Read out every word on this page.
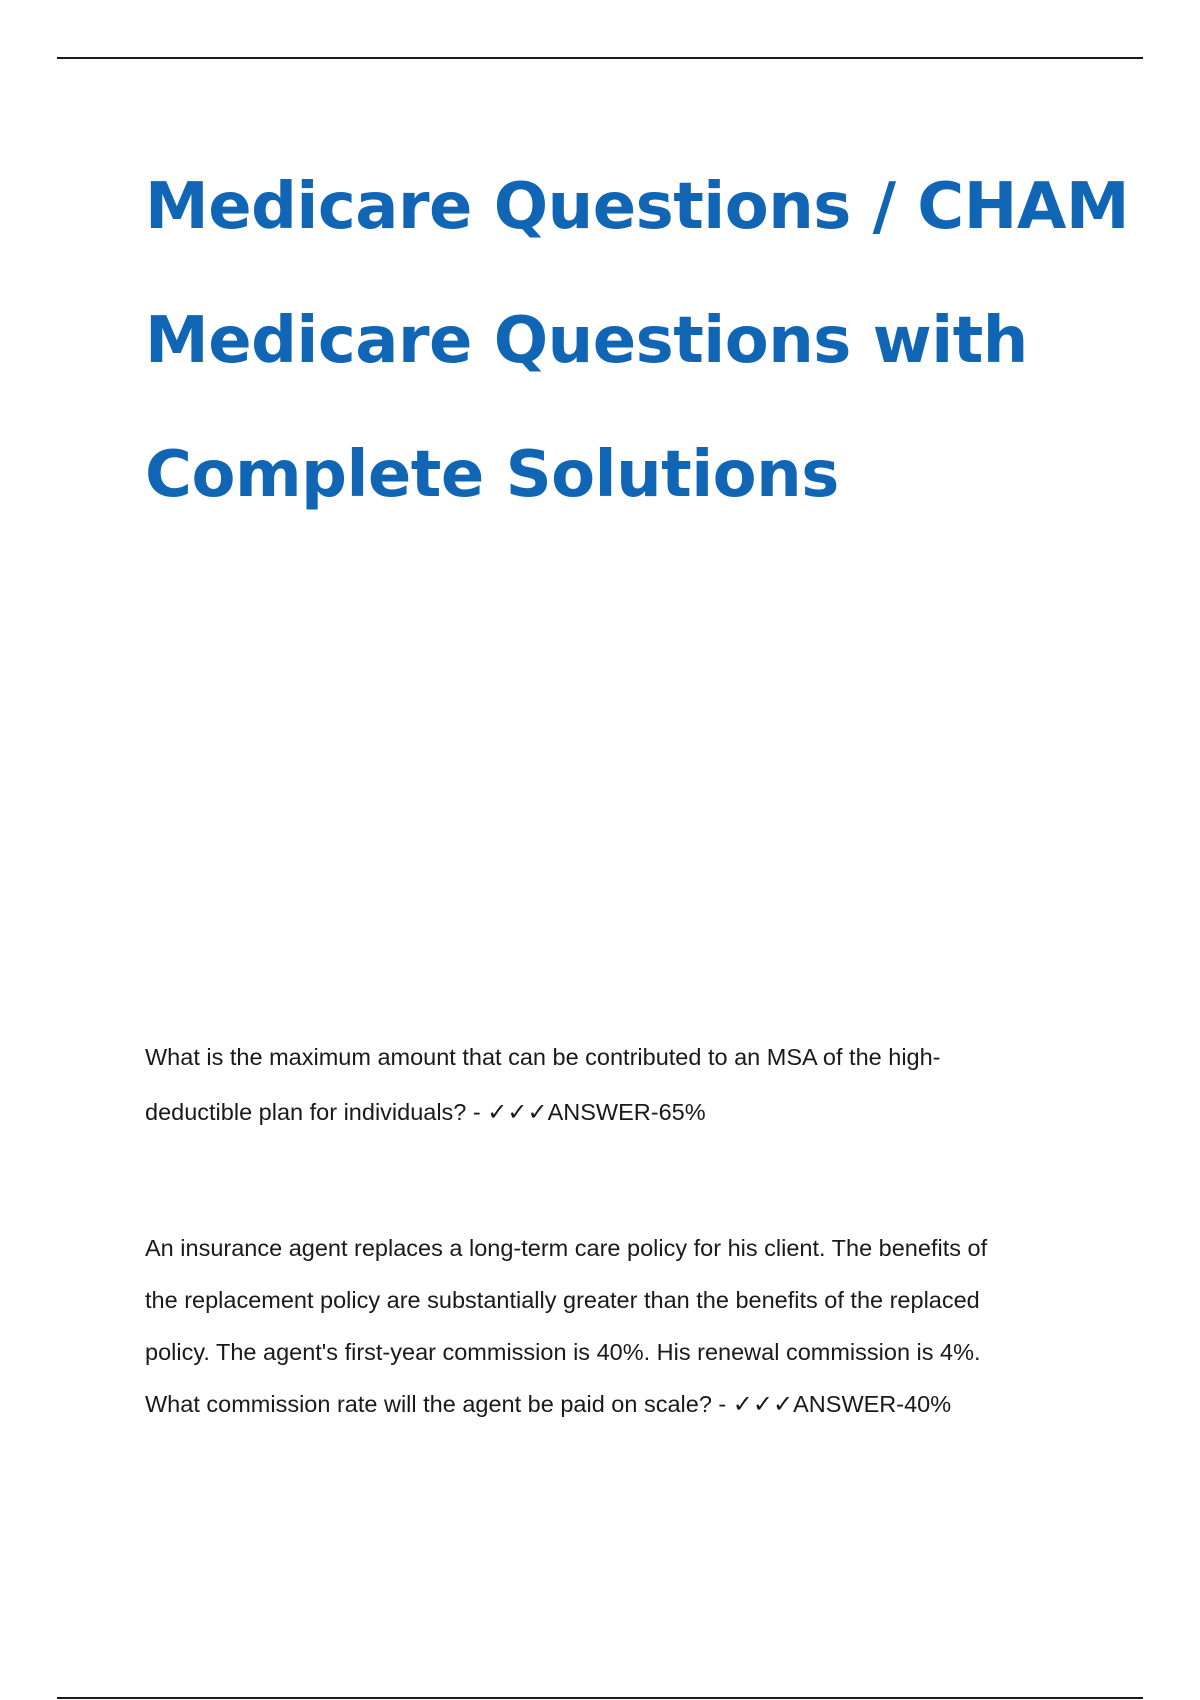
Medicare Questions / CHAM
Medicare Questions with
Complete Solutions

What is the maximum amount that can be contributed to an MSA of the high-
deductible plan for individuals? - ✓✓✓ANSWER-65%

An insurance agent replaces a long-term care policy for his client. The benefits of
the replacement policy are substantially greater than the benefits of the replaced
policy. The agent's first-year commission is 40%. His renewal commission is 4%.
What commission rate will the agent be paid on scale? - ✓✓✓ANSWER-40%
